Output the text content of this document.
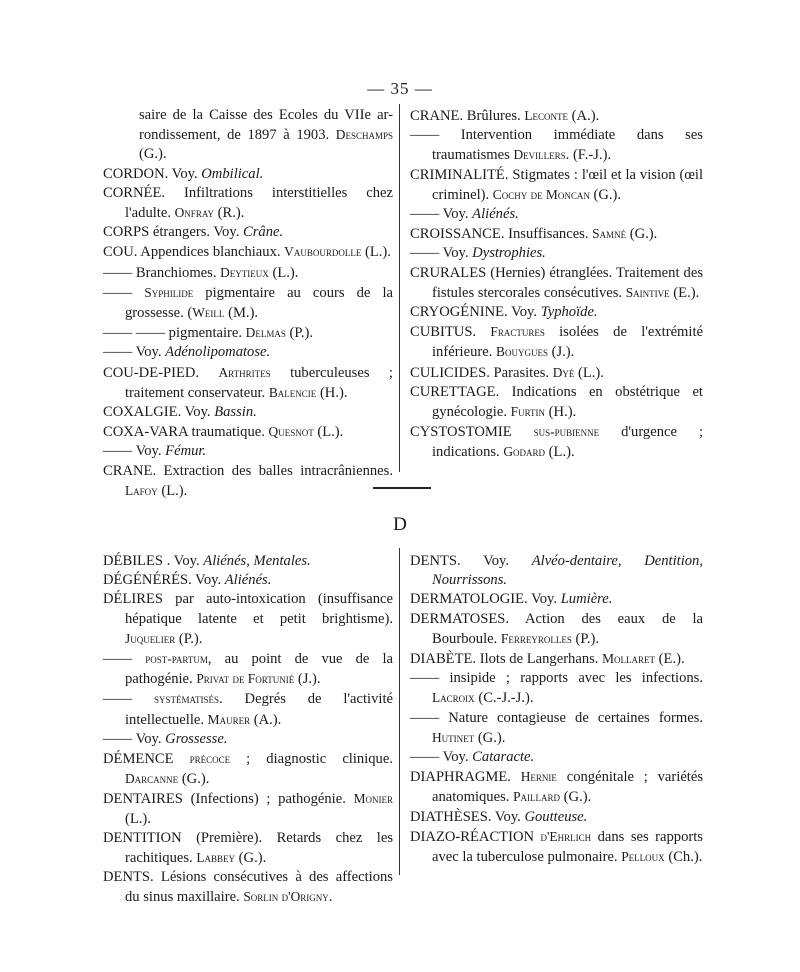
— 35 —

saire de la Caisse des Ecoles du VIIe ar-rondissement, de 1897 à 1903. Deschamps (G.).

CORDON. Voy. Ombilical.

CORNÉE. Infiltrations interstitielles chez l'adulte. Onfray (R.).

CORPS étrangers. Voy. Crâne.

COU. Appendices blanchiaux. Vaubourdolle (L.).

—— Branchiomes. Deytieux (L.).

—— Syphilide pigmentaire au cours de la grossesse. (Weill (M.).

—— —— pigmentaire. Delmas (P.).

—— Voy. Adénolipomatose.

COU-DE-PIED. Arthrites tuberculeuses ; traitement conservateur. Balencie (H.).

COXALGIE. Voy. Bassin.

COXA-VARA traumatique. Quesnot (L.).

—— Voy. Fémur.

CRANE. Extraction des balles intracrâniennes. Lafoy (L.).

CRANE. Brûlures. Leconte (A.).

—— Intervention immédiate dans ses traumatismes Devillers. (F.-J.).

CRIMINALITÉ. Stigmates : l'œil et la vision (œil criminel). Cochy de Moncan (G.).

—— Voy. Aliénés.

CROISSANCE. Insuffisances. Samné (G.).

—— Voy. Dystrophies.

CRURALES (Hernies) étranglées. Traitement des fistules stercorales consécutives. Saintive (E.).

CRYOGÉNINE. Voy. Typhoïde.

CUBITUS. Fractures isolées de l'extrémité inférieure. Bouygues (J.).

CULICIDES. Parasites. Dyé (L.).

CURETTAGE. Indications en obstétrique et gynécologie. Furtin (H.).

CYSTOSTOMIE sus-pubienne d'urgence ; indications. Godard (L.).

D

DÉBILES . Voy. Aliénés, Mentales.

DÉGÉNÉRÉS. Voy. Aliénés.

DÉLIRES par auto-intoxication (insuffisance hépatique latente et petit brightisme). Juquelier (P.).

—— post-partum, au point de vue de la pathogénie. Privat de Fortunié (J.).

—— systématisés. Degrés de l'activité intellectuelle. Maurer (A.).

—— Voy. Grossesse.

DÉMENCE précoce ; diagnostic clinique. Darcanne (G.).

DENTAIRES (Infections) ; pathogénie. Monier (L.).

DENTITION (Première). Retards chez les rachitiques. Labbey (G.).

DENTS. Lésions consécutives à des affections du sinus maxillaire. Sorlin d'Origny.

DENTS. Voy. Alvéo-dentaire, Dentition, Nourrissons.

DERMATOLOGIE. Voy. Lumière.

DERMATOSES. Action des eaux de la Bourboule. Ferreyrolles (P.).

DIABÈTE. Ilots de Langerhans. Mollaret (E.).

—— insipide ; rapports avec les infections. Lacroix (C.-J.-J.).

—— Nature contagieuse de certaines formes. Hutinet (G.).

—— Voy. Cataracte.

DIAPHRAGME. Hernie congénitale ; variétés anatomiques. Paillard (G.).

DIATHÈSES. Voy. Goutteuse.

DIAZO-RÉACTION d'Ehrlich dans ses rapports avec la tuberculose pulmonaire. Pelloux (Ch.).
